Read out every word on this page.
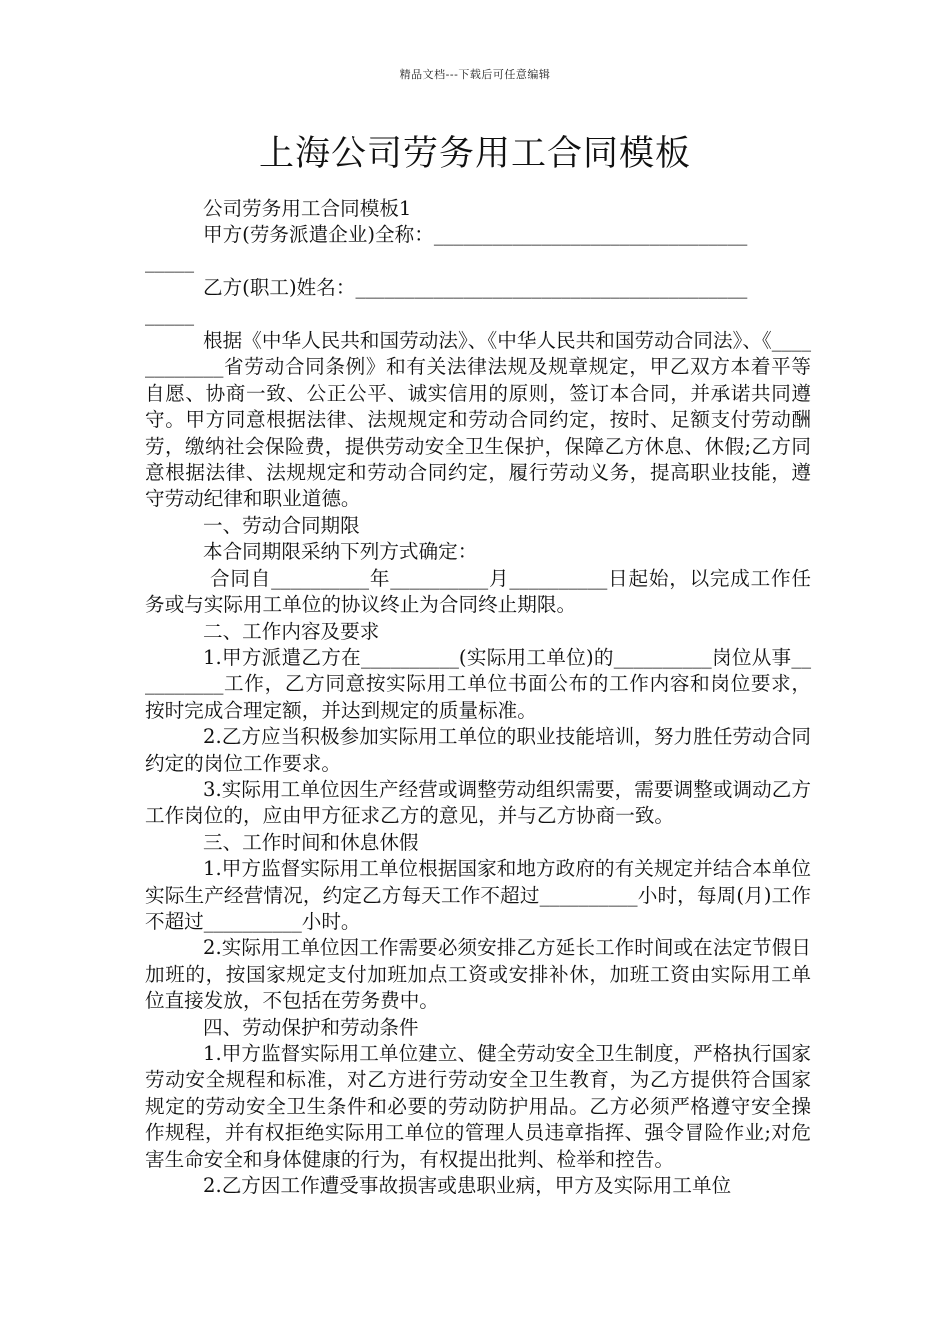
精品文档---下载后可任意编辑
上海公司劳务用工合同模板

公司劳务用工合同模板1

甲方(劳务派遣企业)全称：________________________________
_____

乙方(职工)姓名：________________________________________
_____

根据《中华人民共和国劳动法》、《中华人民共和国劳动合同法》、《____________省劳动合同条例》和有关法律法规及规章规定，甲乙双方本着平等自愿、协商一致、公正公平、诚实信用的原则，签订本合同，并承诺共同遵守。甲方同意根据法律、法规规定和劳动合同约定，按时、足额支付劳动酬劳，缴纳社会保险费，提供劳动安全卫生保护，保障乙方休息、休假;乙方同意根据法律、法规规定和劳动合同约定，履行劳动义务，提高职业技能，遵守劳动纪律和职业道德。

一、劳动合同期限

本合同期限采纳下列方式确定：

合同自__________年__________月__________日起始，以完成工作任务或与实际用工单位的协议终止为合同终止期限。

二、工作内容及要求

1.甲方派遣乙方在__________(实际用工单位)的__________岗位从事__________工作，乙方同意按实际用工单位书面公布的工作内容和岗位要求，按时完成合理定额，并达到规定的质量标准。

2.乙方应当积极参加实际用工单位的职业技能培训，努力胜任劳动合同约定的岗位工作要求。

3.实际用工单位因生产经营或调整劳动组织需要，需要调整或调动乙方工作岗位的，应由甲方征求乙方的意见，并与乙方协商一致。

三、工作时间和休息休假

1.甲方监督实际用工单位根据国家和地方政府的有关规定并结合本单位实际生产经营情况，约定乙方每天工作不超过__________小时，每周(月)工作不超过__________小时。

2.实际用工单位因工作需要必须安排乙方延长工作时间或在法定节假日加班的，按国家规定支付加班加点工资或安排补休，加班工资由实际用工单位直接发放，不包括在劳务费中。

四、劳动保护和劳动条件

1.甲方监督实际用工单位建立、健全劳动安全卫生制度，严格执行国家劳动安全规程和标准，对乙方进行劳动安全卫生教育，为乙方提供符合国家规定的劳动安全卫生条件和必要的劳动防护用品。乙方必须严格遵守安全操作规程，并有权拒绝实际用工单位的管理人员违章指挥、强令冒险作业;对危害生命安全和身体健康的行为，有权提出批判、检举和控告。

2.乙方因工作遭受事故损害或患职业病，甲方及实际用工单位
